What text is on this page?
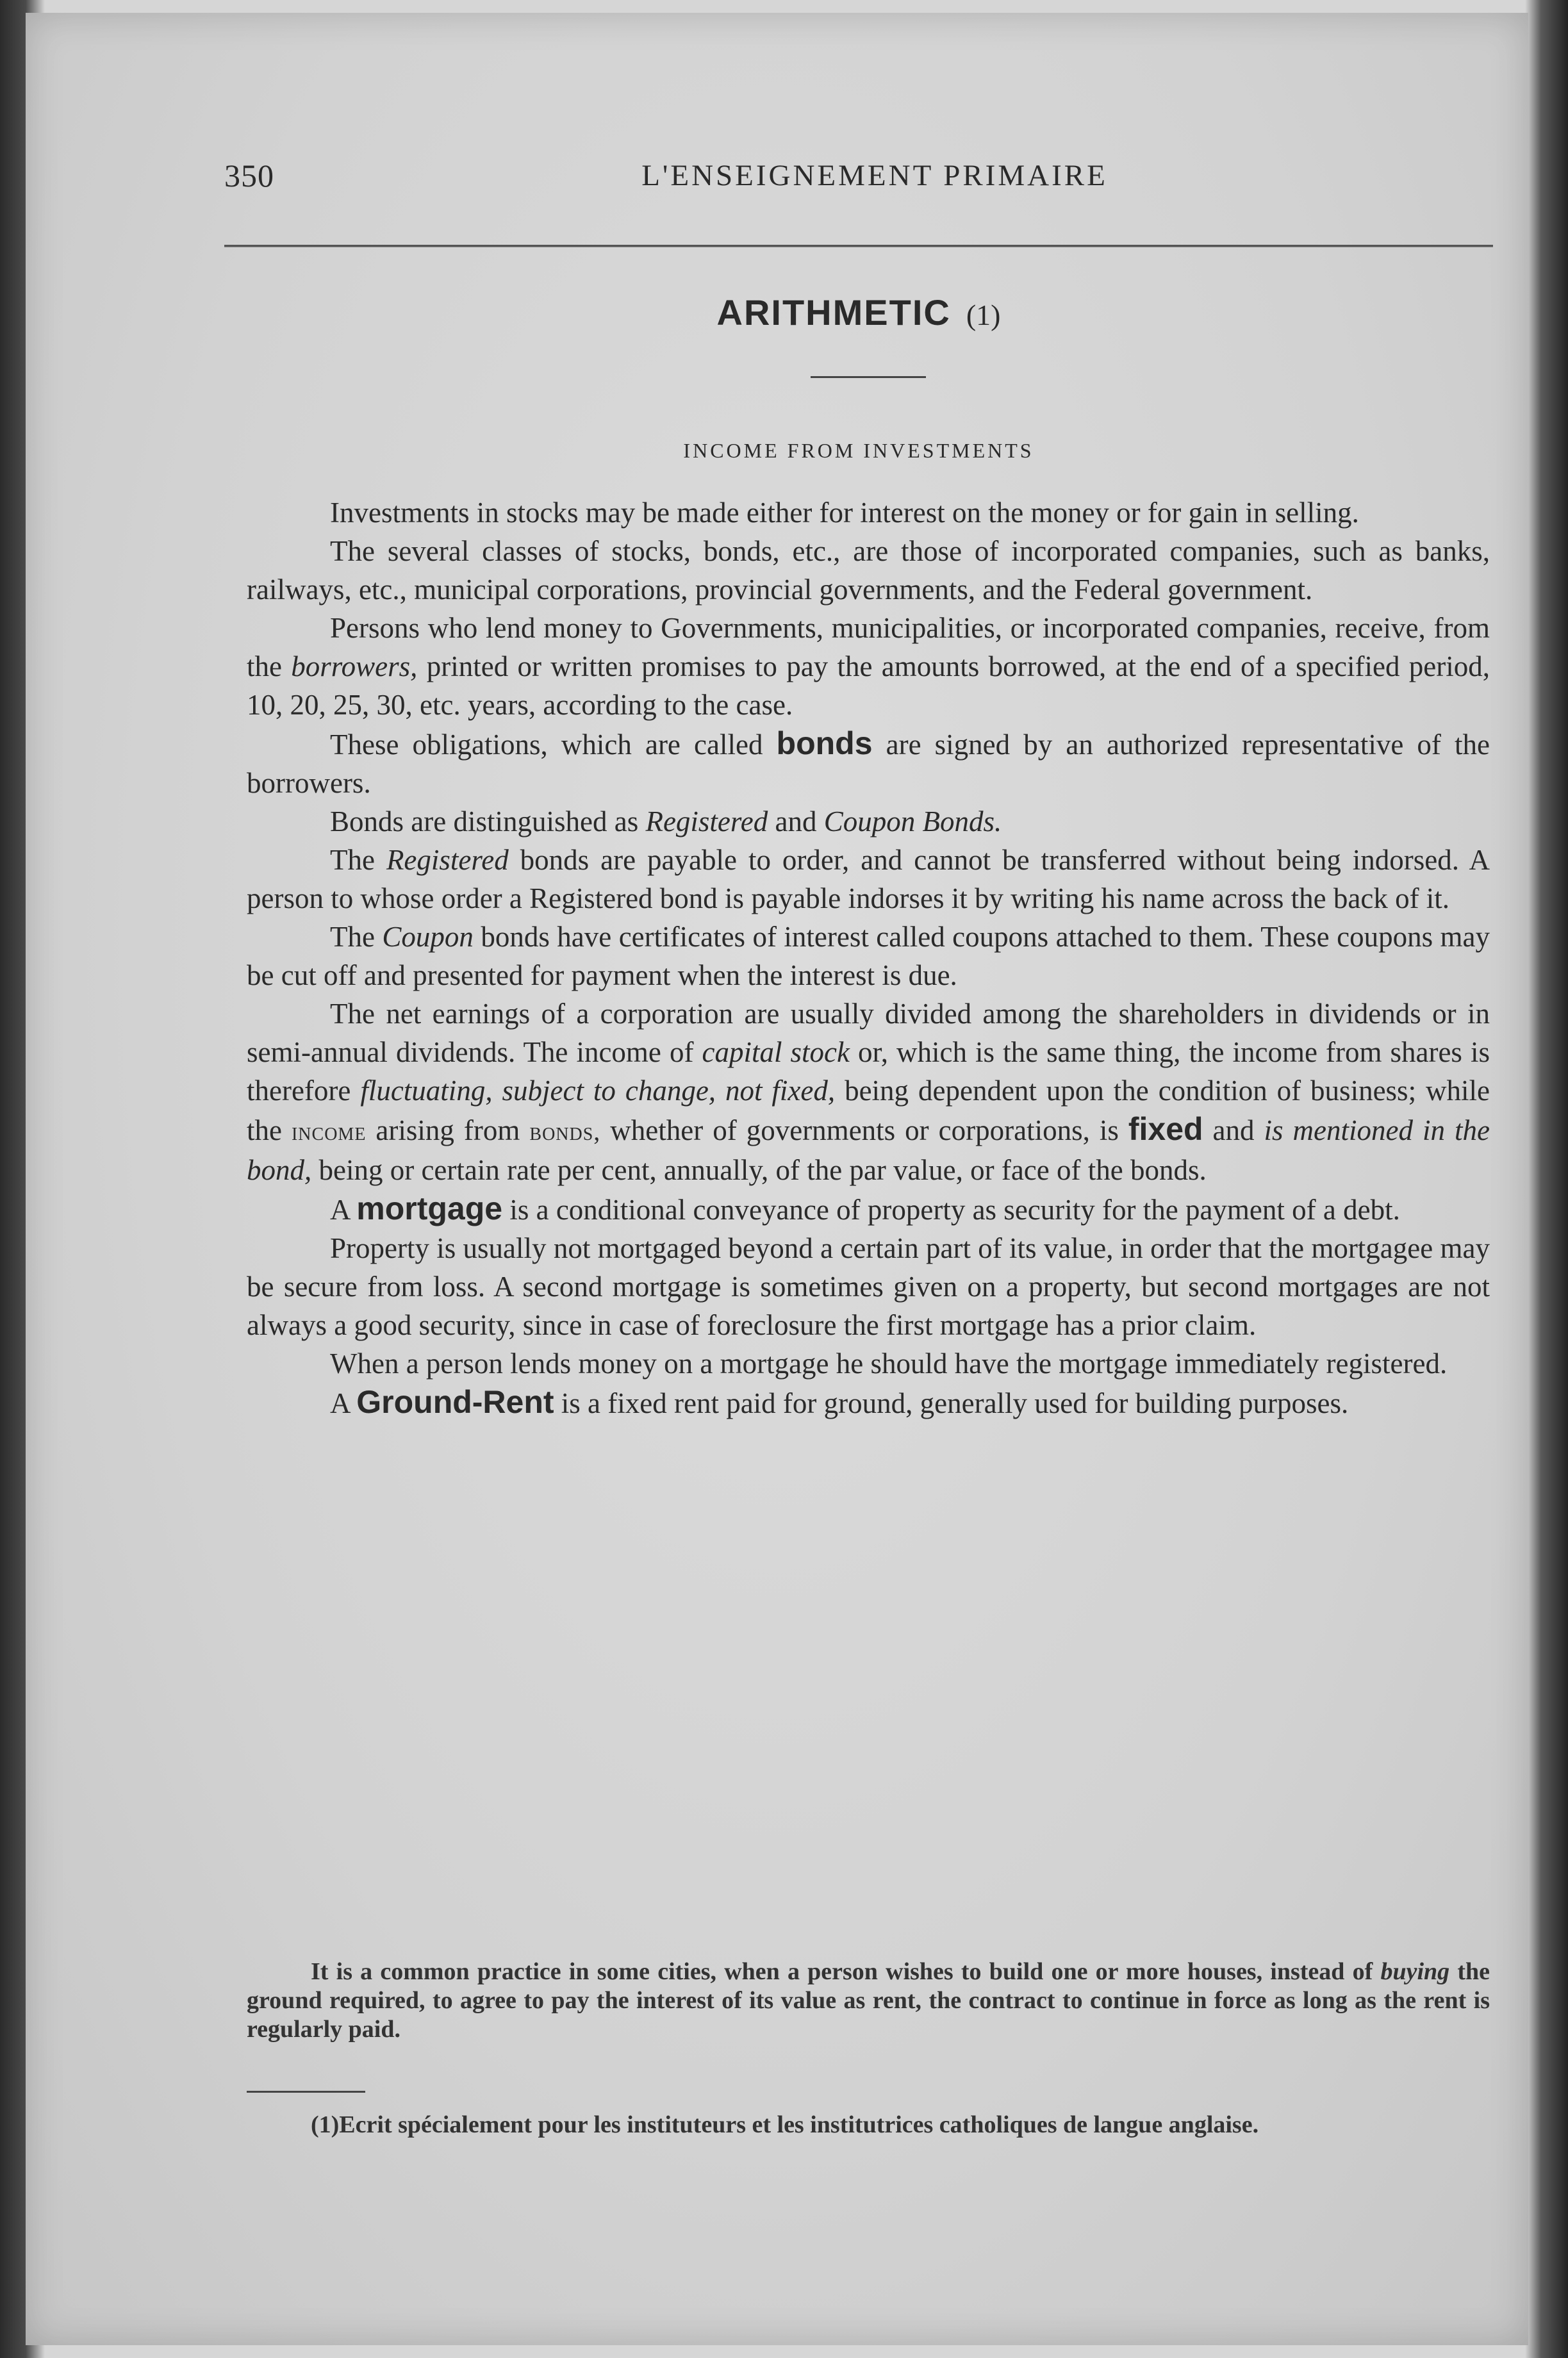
350	L'ENSEIGNEMENT PRIMAIRE
ARITHMETIC (1)
INCOME FROM INVESTMENTS

Investments in stocks may be made either for interest on the money or for gain in selling.

The several classes of stocks, bonds, etc., are those of incorporated companies, such as banks, railways, etc., municipal corporations, provincial governments, and the Federal government.

Persons who lend money to Governments, municipalities, or incorporated companies, receive, from the borrowers, printed or written promises to pay the amounts borrowed, at the end of a specified period, 10, 20, 25, 30, etc. years, according to the case.

These obligations, which are called bonds are signed by an authorized representative of the borrowers.

Bonds are distinguished as Registered and Coupon Bonds.

The Registered bonds are payable to order, and cannot be transferred without being indorsed. A person to whose order a Registered bond is payable indorses it by writing his name across the back of it.

The Coupon bonds have certificates of interest called coupons attached to them. These coupons may be cut off and presented for payment when the interest is due.

The net earnings of a corporation are usually divided among the shareholders in dividends or in semi-annual dividends. The income of capital stock or, which is the same thing, the income from shares is therefore fluctuating, subject to change, not fixed, being dependent upon the condition of business; while the income arising from bonds, whether of governments or corporations, is fixed and is mentioned in the bond, being or certain rate per cent, annually, of the par value, or face of the bonds.

A mortgage is a conditional conveyance of property as security for the payment of a debt.

Property is usually not mortgaged beyond a certain part of its value, in order that the mortgagee may be secure from loss. A second mortgage is sometimes given on a property, but second mortgages are not always a good security, since in case of foreclosure the first mortgage has a prior claim.

When a person lends money on a mortgage he should have the mortgage immediately registered.

A Ground-Rent is a fixed rent paid for ground, generally used for building purposes.

It is a common practice in some cities, when a person wishes to build one or more houses, instead of buying the ground required, to agree to pay the interest of its value as rent, the contract to continue in force as long as the rent is regularly paid.
(1)Ecrit spécialement pour les instituteurs et les institutrices catholiques de langue anglaise.
